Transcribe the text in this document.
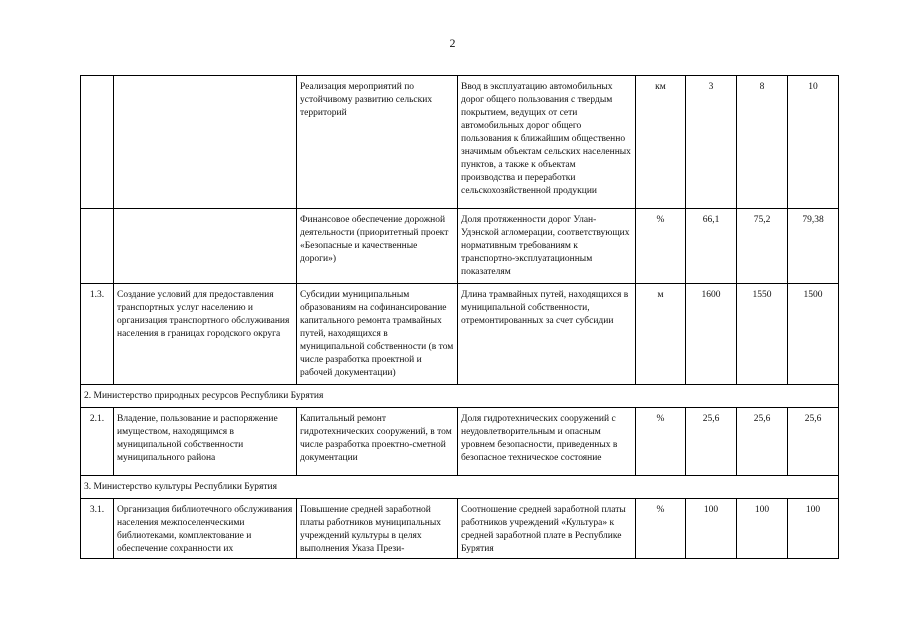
2
		Реализация мероприятий по устойчивому развитию сельских территорий	Ввод в эксплуатацию автомобильных дорог общего пользования с твердым покрытием, ведущих от сети автомобильных дорог общего пользования к ближайшим общественно значимым объектам сельских населенных пунктов, а также к объектам производства и переработки сельскохозяйственной продукции	км	3	8	10
		Финансовое обеспечение дорожной деятельности (приоритетный проект «Безопасные и качественные дороги»)	Доля протяженности дорог Улан-Удэнской агломерации, соответствующих нормативным требованиям к транспортно-эксплуатационным показателям	%	66,1	75,2	79,38
1.3.	Создание условий для предоставления транспортных услуг населению и организация транспортного обслуживания населения в границах городского округа	Субсидии муниципальным образованиям на софинансирование капитального ремонта трамвайных путей, находящихся в муниципальной собственности (в том числе разработка проектной и рабочей документации)	Длина трамвайных путей, находящихся в муниципальной собственности, отремонтированных за счет субсидии	м	1600	1550	1500
2. Министерство природных ресурсов Республики Бурятия							
2.1.	Владение, пользование и распоряжение имуществом, находящимся в муниципальной собственности муниципального района	Капитальный ремонт гидротехнических сооружений, в том числе разработка проектно-сметной документации	Доля гидротехнических сооружений с неудовлетворительным и опасным уровнем безопасности, приведенных в безопасное техническое состояние	%	25,6	25,6	25,6
3. Министерство культуры Республики Бурятия							
3.1.	Организация библиотечного обслуживания населения межпоселенческими библиотеками, комплектование и обеспечение сохранности их	Повышение средней заработной платы работников муниципальных учреждений культуры в целях выполнения Указа Прези-	Соотношение средней заработной платы работников учреждений «Культура» к средней заработной плате в Республике Бурятия	%	100	100	100
